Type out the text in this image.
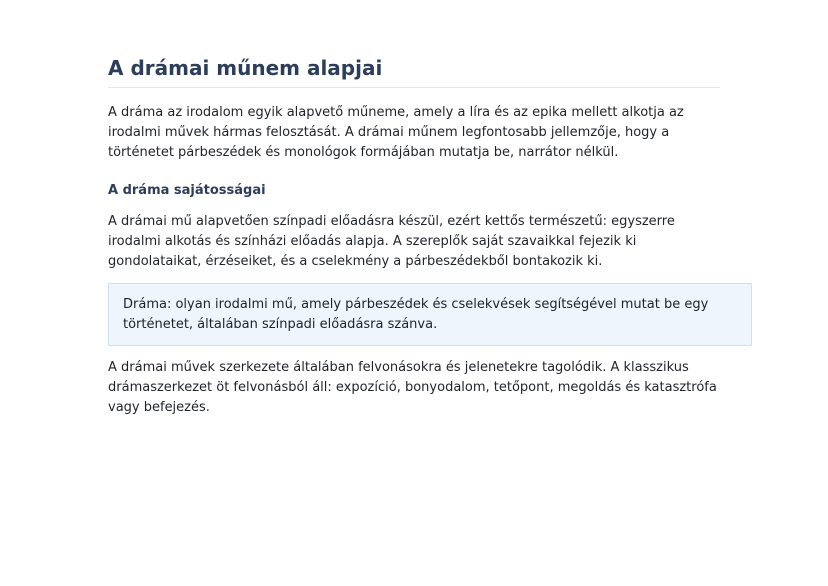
A drámai műnem alapjai

A dráma az irodalom egyik alapvető műneme, amely a líra és az epika mellett alkotja az irodalmi művek hármas felosztását. A drámai műnem legfontosabb jellemzője, hogy a történetet párbeszédek és monológok formájában mutatja be, narrátor nélkül.

A dráma sajátosságai

A drámai mű alapvetően színpadi előadásra készül, ezért kettős természetű: egyszerre irodalmi alkotás és színházi előadás alapja. A szereplők saját szavaikkal fejezik ki gondolataikat, érzéseiket, és a cselekmény a párbeszédekből bontakozik ki.

Dráma: olyan irodalmi mű, amely párbeszédek és cselekvések segítségével mutat be egy történetet, általában színpadi előadásra szánva.

A drámai művek szerkezete általában felvonásokra és jelenetekre tagolódik. A klasszikus drámaszerkezet öt felvonásból áll: expozíció, bonyodalom, tetőpont, megoldás és katasztrófa vagy befejezés.
